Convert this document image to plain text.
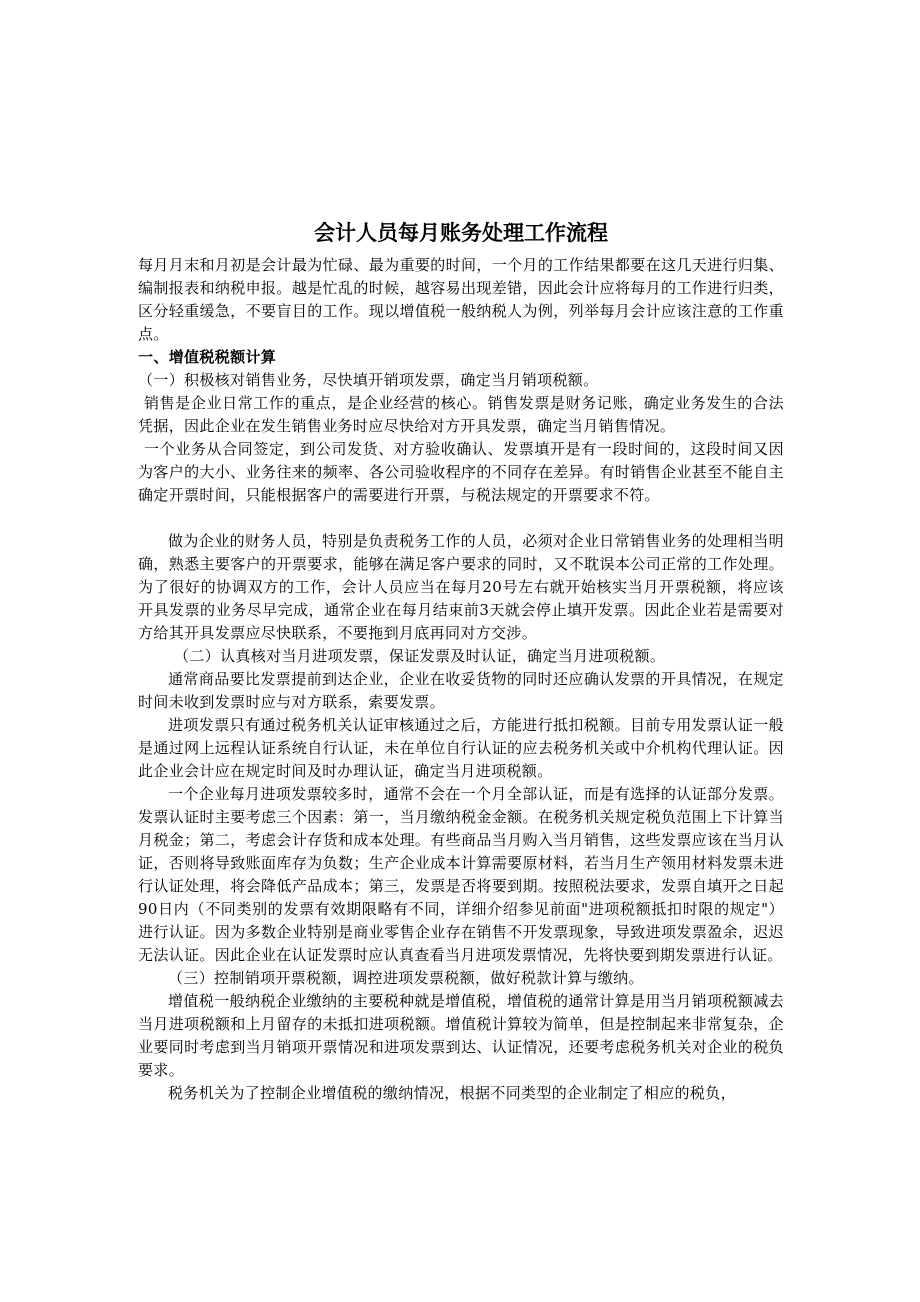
会计人员每月账务处理工作流程

每月月末和月初是会计最为忙碌、最为重要的时间，一个月的工作结果都要在这几天进行归集、编制报表和纳税申报。越是忙乱的时候，越容易出现差错，因此会计应将每月的工作进行归类，区分轻重缓急，不要盲目的工作。现以增值税一般纳税人为例，列举每月会计应该注意的工作重点。

一、增值税税额计算

（一）积极核对销售业务，尽快填开销项发票，确定当月销项税额。

销售是企业日常工作的重点，是企业经营的核心。销售发票是财务记账，确定业务发生的合法凭据，因此企业在发生销售业务时应尽快给对方开具发票，确定当月销售情况。

一个业务从合同签定，到公司发货、对方验收确认、发票填开是有一段时间的，这段时间又因为客户的大小、业务往来的频率、各公司验收程序的不同存在差异。有时销售企业甚至不能自主确定开票时间，只能根据客户的需要进行开票，与税法规定的开票要求不符。

做为企业的财务人员，特别是负责税务工作的人员，必须对企业日常销售业务的处理相当明确，熟悉主要客户的开票要求，能够在满足客户要求的同时，又不耽误本公司正常的工作处理。为了很好的协调双方的工作，会计人员应当在每月20号左右就开始核实当月开票税额，将应该开具发票的业务尽早完成，通常企业在每月结束前3天就会停止填开发票。因此企业若是需要对方给其开具发票应尽快联系，不要拖到月底再同对方交涉。

（二）认真核对当月进项发票，保证发票及时认证，确定当月进项税额。

通常商品要比发票提前到达企业，企业在收妥货物的同时还应确认发票的开具情况，在规定时间未收到发票时应与对方联系，索要发票。

进项发票只有通过税务机关认证审核通过之后，方能进行抵扣税额。目前专用发票认证一般是通过网上远程认证系统自行认证，未在单位自行认证的应去税务机关或中介机构代理认证。因此企业会计应在规定时间及时办理认证，确定当月进项税额。

一个企业每月进项发票较多时，通常不会在一个月全部认证，而是有选择的认证部分发票。发票认证时主要考虑三个因素：第一，当月缴纳税金金额。在税务机关规定税负范围上下计算当月税金；第二，考虑会计存货和成本处理。有些商品当月购入当月销售，这些发票应该在当月认证，否则将导致账面库存为负数；生产企业成本计算需要原材料，若当月生产领用材料发票未进行认证处理，将会降低产品成本；第三，发票是否将要到期。按照税法要求，发票自填开之日起90日内（不同类别的发票有效期限略有不同，详细介绍参见前面"进项税额抵扣时限的规定"）进行认证。因为多数企业特别是商业零售企业存在销售不开发票现象，导致进项发票盈余，迟迟无法认证。因此企业在认证发票时应认真查看当月进项发票情况，先将快要到期发票进行认证。

（三）控制销项开票税额，调控进项发票税额，做好税款计算与缴纳。

增值税一般纳税企业缴纳的主要税种就是增值税，增值税的通常计算是用当月销项税额减去当月进项税额和上月留存的未抵扣进项税额。增值税计算较为简单，但是控制起来非常复杂，企业要同时考虑到当月销项开票情况和进项发票到达、认证情况，还要考虑税务机关对企业的税负要求。

税务机关为了控制企业增值税的缴纳情况，根据不同类型的企业制定了相应的税负，
